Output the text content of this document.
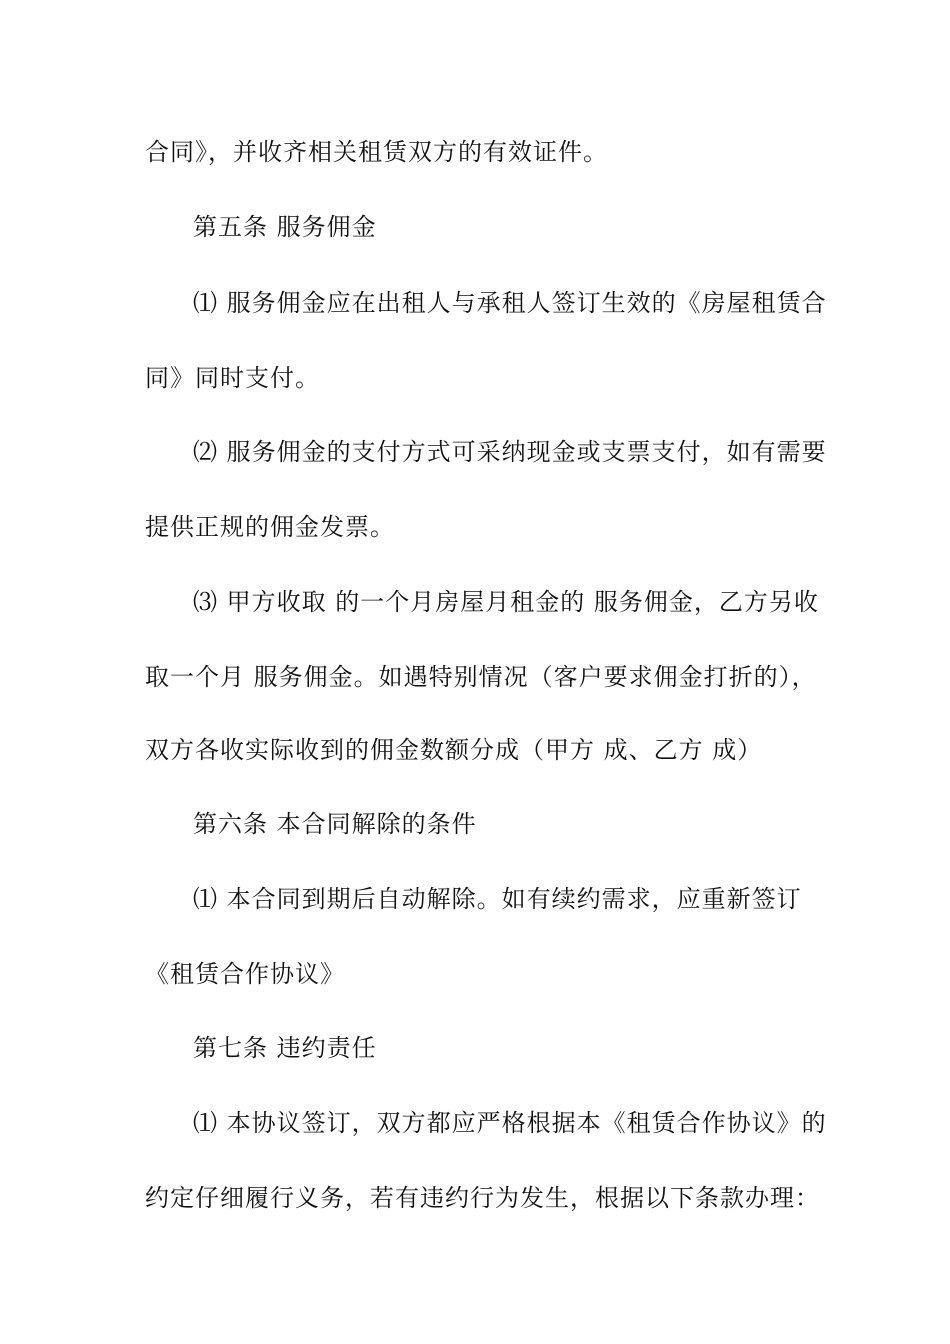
合同》，并收齐相关租赁双方的有效证件。
第五条 服务佣金
⑴ 服务佣金应在出租人与承租人签订生效的《房屋租赁合
同》同时支付。
⑵ 服务佣金的支付方式可采纳现金或支票支付，如有需要
提供正规的佣金发票。
⑶ 甲方收取 的一个月房屋月租金的 服务佣金，乙方另收
取一个月 服务佣金。如遇特别情况（客户要求佣金打折的），
双方各收实际收到的佣金数额分成（甲方 成、乙方 成）
第六条 本合同解除的条件
⑴ 本合同到期后自动解除。如有续约需求，应重新签订
《租赁合作协议》
第七条 违约责任
⑴ 本协议签订，双方都应严格根据本《租赁合作协议》的
约定仔细履行义务，若有违约行为发生，根据以下条款办理：
